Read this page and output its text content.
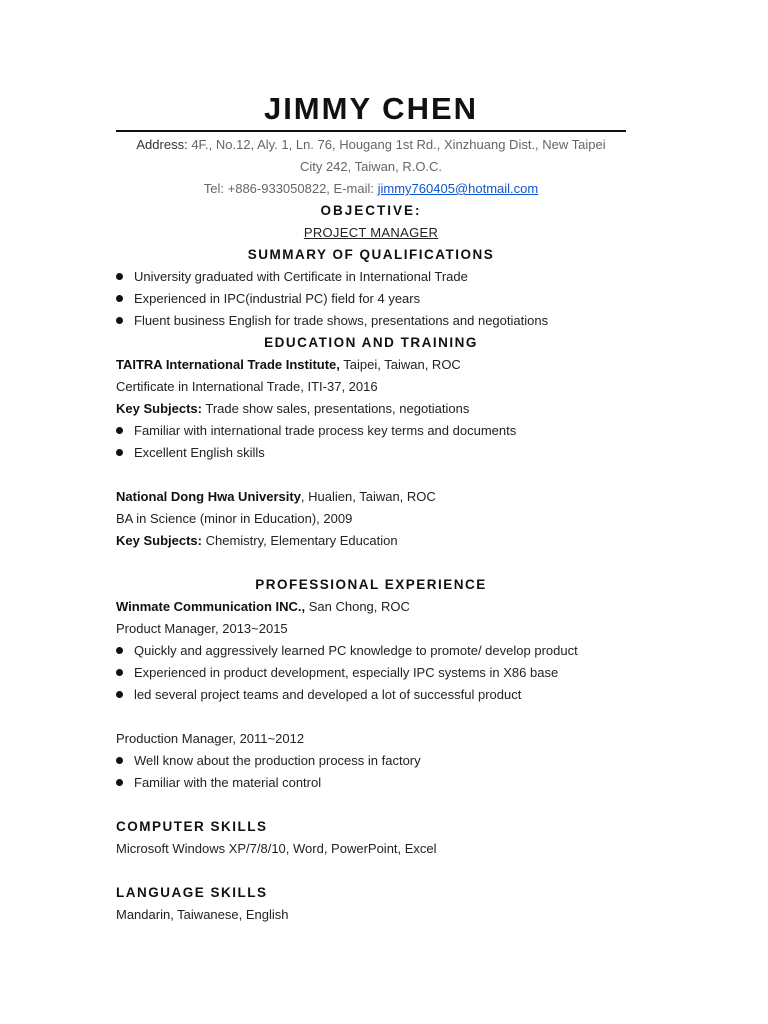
JIMMY CHEN
Address: 4F., No.12, Aly. 1, Ln. 76, Hougang 1st Rd., Xinzhuang Dist., New Taipei
City 242, Taiwan, R.O.C.
Tel: +886-933050822, E-mail: jimmy760405@hotmail.com
OBJECTIVE:
PROJECT MANAGER
SUMMARY OF QUALIFICATIONS
University graduated with Certificate in International Trade
Experienced in IPC(industrial PC) field for 4 years
Fluent business English for trade shows, presentations and negotiations
EDUCATION AND TRAINING
TAITRA International Trade Institute, Taipei, Taiwan, ROC
Certificate in International Trade, ITI-37, 2016
Key Subjects: Trade show sales, presentations, negotiations
Familiar with international trade process key terms and documents
Excellent English skills
National Dong Hwa University, Hualien, Taiwan, ROC
BA in Science (minor in Education), 2009
Key Subjects: Chemistry, Elementary Education
PROFESSIONAL EXPERIENCE
Winmate Communication INC., San Chong, ROC
Product Manager, 2013~2015
Quickly and aggressively learned PC knowledge to promote/ develop product
Experienced in product development, especially IPC systems in X86 base
led several project teams and developed a lot of successful product
Production Manager, 2011~2012
Well know about the production process in factory
Familiar with the material control
COMPUTER SKILLS
Microsoft Windows XP/7/8/10, Word, PowerPoint, Excel
LANGUAGE SKILLS
Mandarin, Taiwanese, English
